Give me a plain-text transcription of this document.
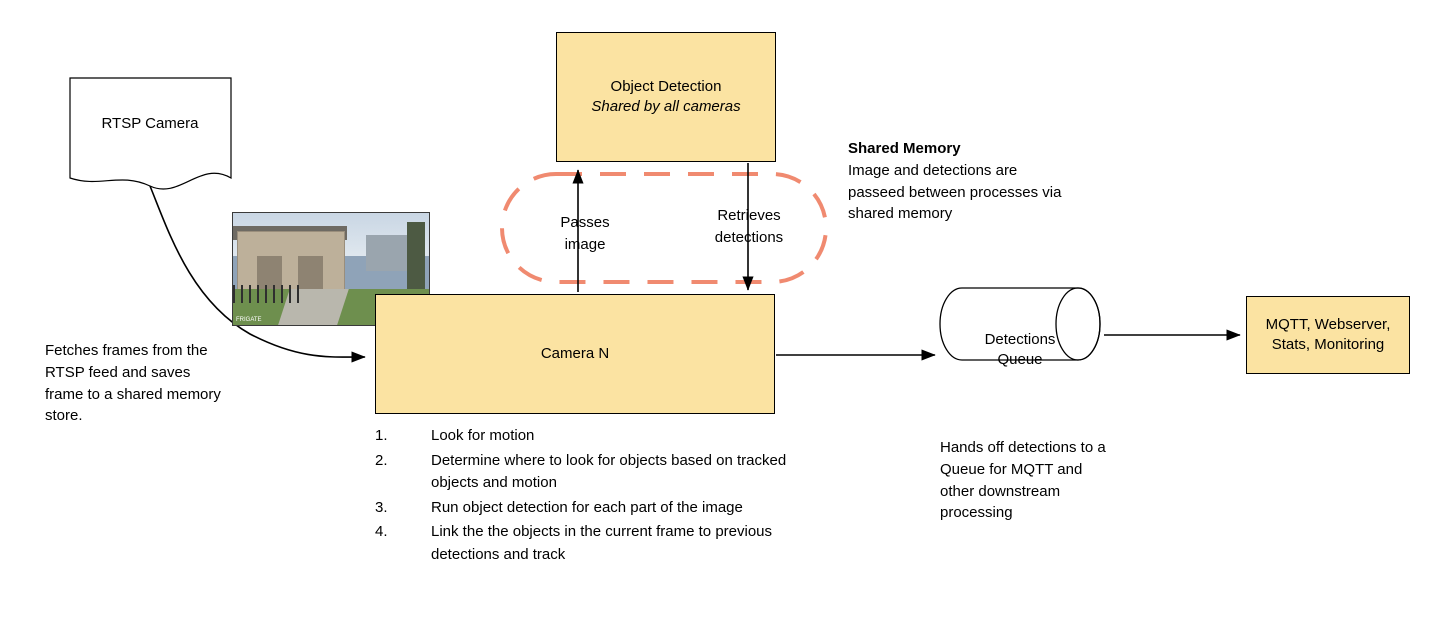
RTSP Camera
Object Detection
Shared by all cameras
FRIGATE
Camera N
Passes
image
Retrieves
detections
Shared Memory
Image and detections are passeed between processes via shared memory
Fetches frames from the RTSP feed and saves frame to a shared memory store.
1.	Look for motion
2.	Determine where to look for objects based on tracked objects and motion
3.	Run object detection for each part of the image
4.	Link the the objects in the current frame to previous detections and track
Detections
Queue
Hands off detections to a Queue for MQTT and other downstream processing
MQTT, Webserver,
Stats, Monitoring
